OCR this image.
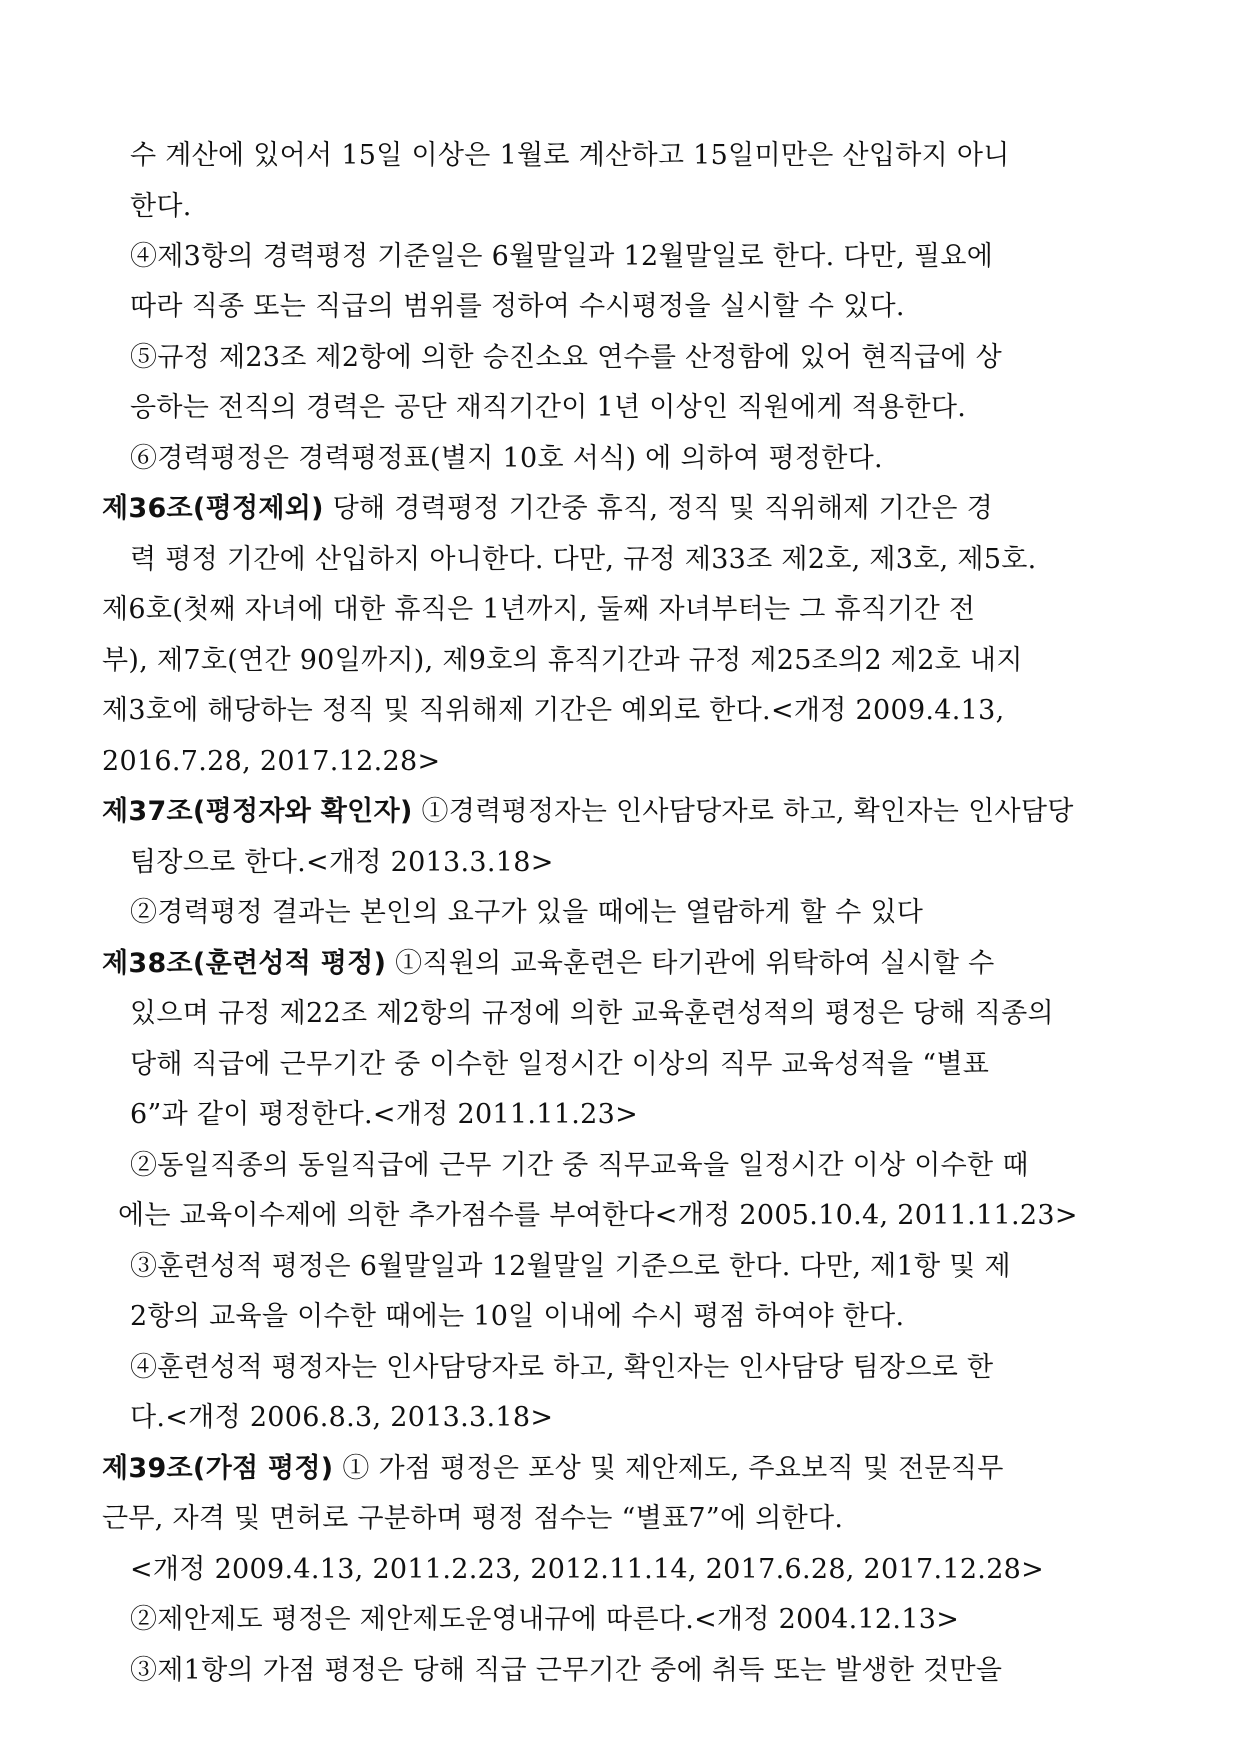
수 계산에 있어서 15일 이상은 1월로 계산하고 15일미만은 산입하지 아니
한다.
④제3항의 경력평정 기준일은 6월말일과 12월말일로 한다. 다만, 필요에
따라 직종 또는 직급의 범위를 정하여 수시평정을 실시할 수 있다.
⑤규정 제23조 제2항에 의한 승진소요 연수를 산정함에 있어 현직급에 상
응하는 전직의 경력은 공단 재직기간이 1년 이상인 직원에게 적용한다.
⑥경력평정은 경력평정표(별지 10호 서식) 에 의하여 평정한다.
제36조(평정제외) 당해 경력평정 기간중 휴직, 정직 및 직위해제 기간은 경
력 평정 기간에 산입하지 아니한다. 다만, 규정 제33조 제2호, 제3호, 제5호.
제6호(첫째 자녀에 대한 휴직은 1년까지, 둘째 자녀부터는 그 휴직기간 전
부), 제7호(연간 90일까지), 제9호의 휴직기간과 규정 제25조의2 제2호 내지
제3호에 해당하는 정직 및 직위해제 기간은 예외로 한다.<개정 2009.4.13,
2016.7.28, 2017.12.28>
제37조(평정자와 확인자) ①경력평정자는 인사담당자로 하고, 확인자는 인사담당
팀장으로 한다.<개정 2013.3.18>
②경력평정 결과는 본인의 요구가 있을 때에는 열람하게 할 수 있다
제38조(훈련성적 평정) ①직원의 교육훈련은 타기관에 위탁하여 실시할 수
있으며 규정 제22조 제2항의 규정에 의한 교육훈련성적의 평정은 당해 직종의
당해 직급에 근무기간 중 이수한 일정시간 이상의 직무 교육성적을 “별표
6”과 같이 평정한다.<개정 2011.11.23>
②동일직종의 동일직급에 근무 기간 중 직무교육을 일정시간 이상 이수한 때
에는 교육이수제에 의한 추가점수를 부여한다<개정 2005.10.4, 2011.11.23>
③훈련성적 평정은 6월말일과 12월말일 기준으로 한다. 다만, 제1항 및 제
2항의 교육을 이수한 때에는 10일 이내에 수시 평점 하여야 한다.
④훈련성적 평정자는 인사담당자로 하고, 확인자는 인사담당 팀장으로 한
다.<개정 2006.8.3, 2013.3.18>
제39조(가점 평정) ① 가점 평정은 포상 및 제안제도, 주요보직 및 전문직무
근무, 자격 및 면허로 구분하며 평정 점수는 “별표7”에 의한다.
<개정 2009.4.13, 2011.2.23, 2012.11.14, 2017.6.28, 2017.12.28>
②제안제도 평정은 제안제도운영내규에 따른다.<개정 2004.12.13>
③제1항의 가점 평정은 당해 직급 근무기간 중에 취득 또는 발생한 것만을
